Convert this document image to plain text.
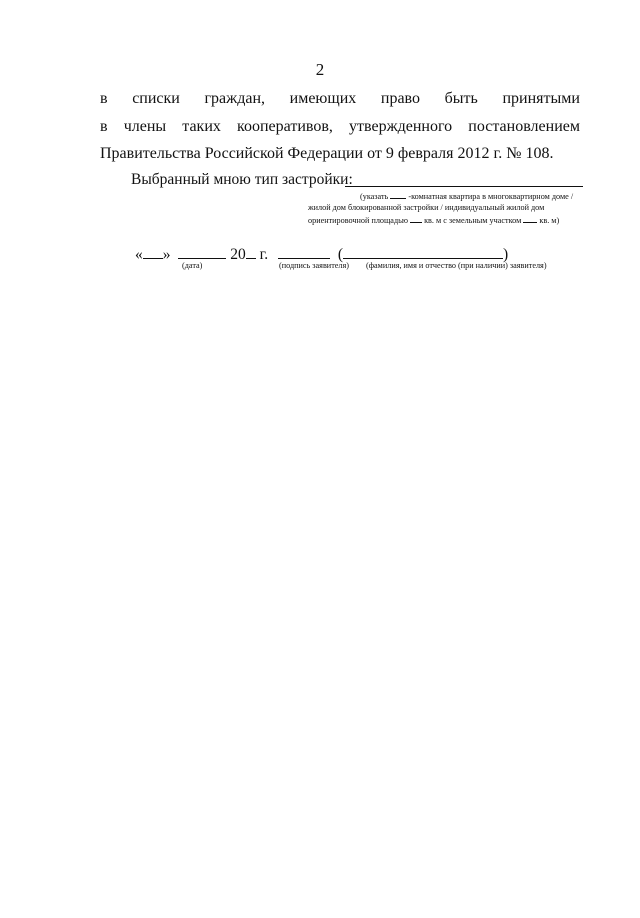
2
в списки граждан, имеющих право быть принятыми
в члены таких кооперативов, утвержденного постановлением
Правительства Российской Федерации от 9 февраля 2012 г. № 108.
Выбранный мною тип застройки:
(указать -комнатная квартира в многоквартирном доме /
жилой дом блокированной застройки / индивидуальный жилой дом
ориентировочной площадью кв. м с земельным участком кв. м)
« »	20 г.	(	)
(дата)	(подпись заявителя) (фамилия, имя и отчество (при наличии) заявителя)
